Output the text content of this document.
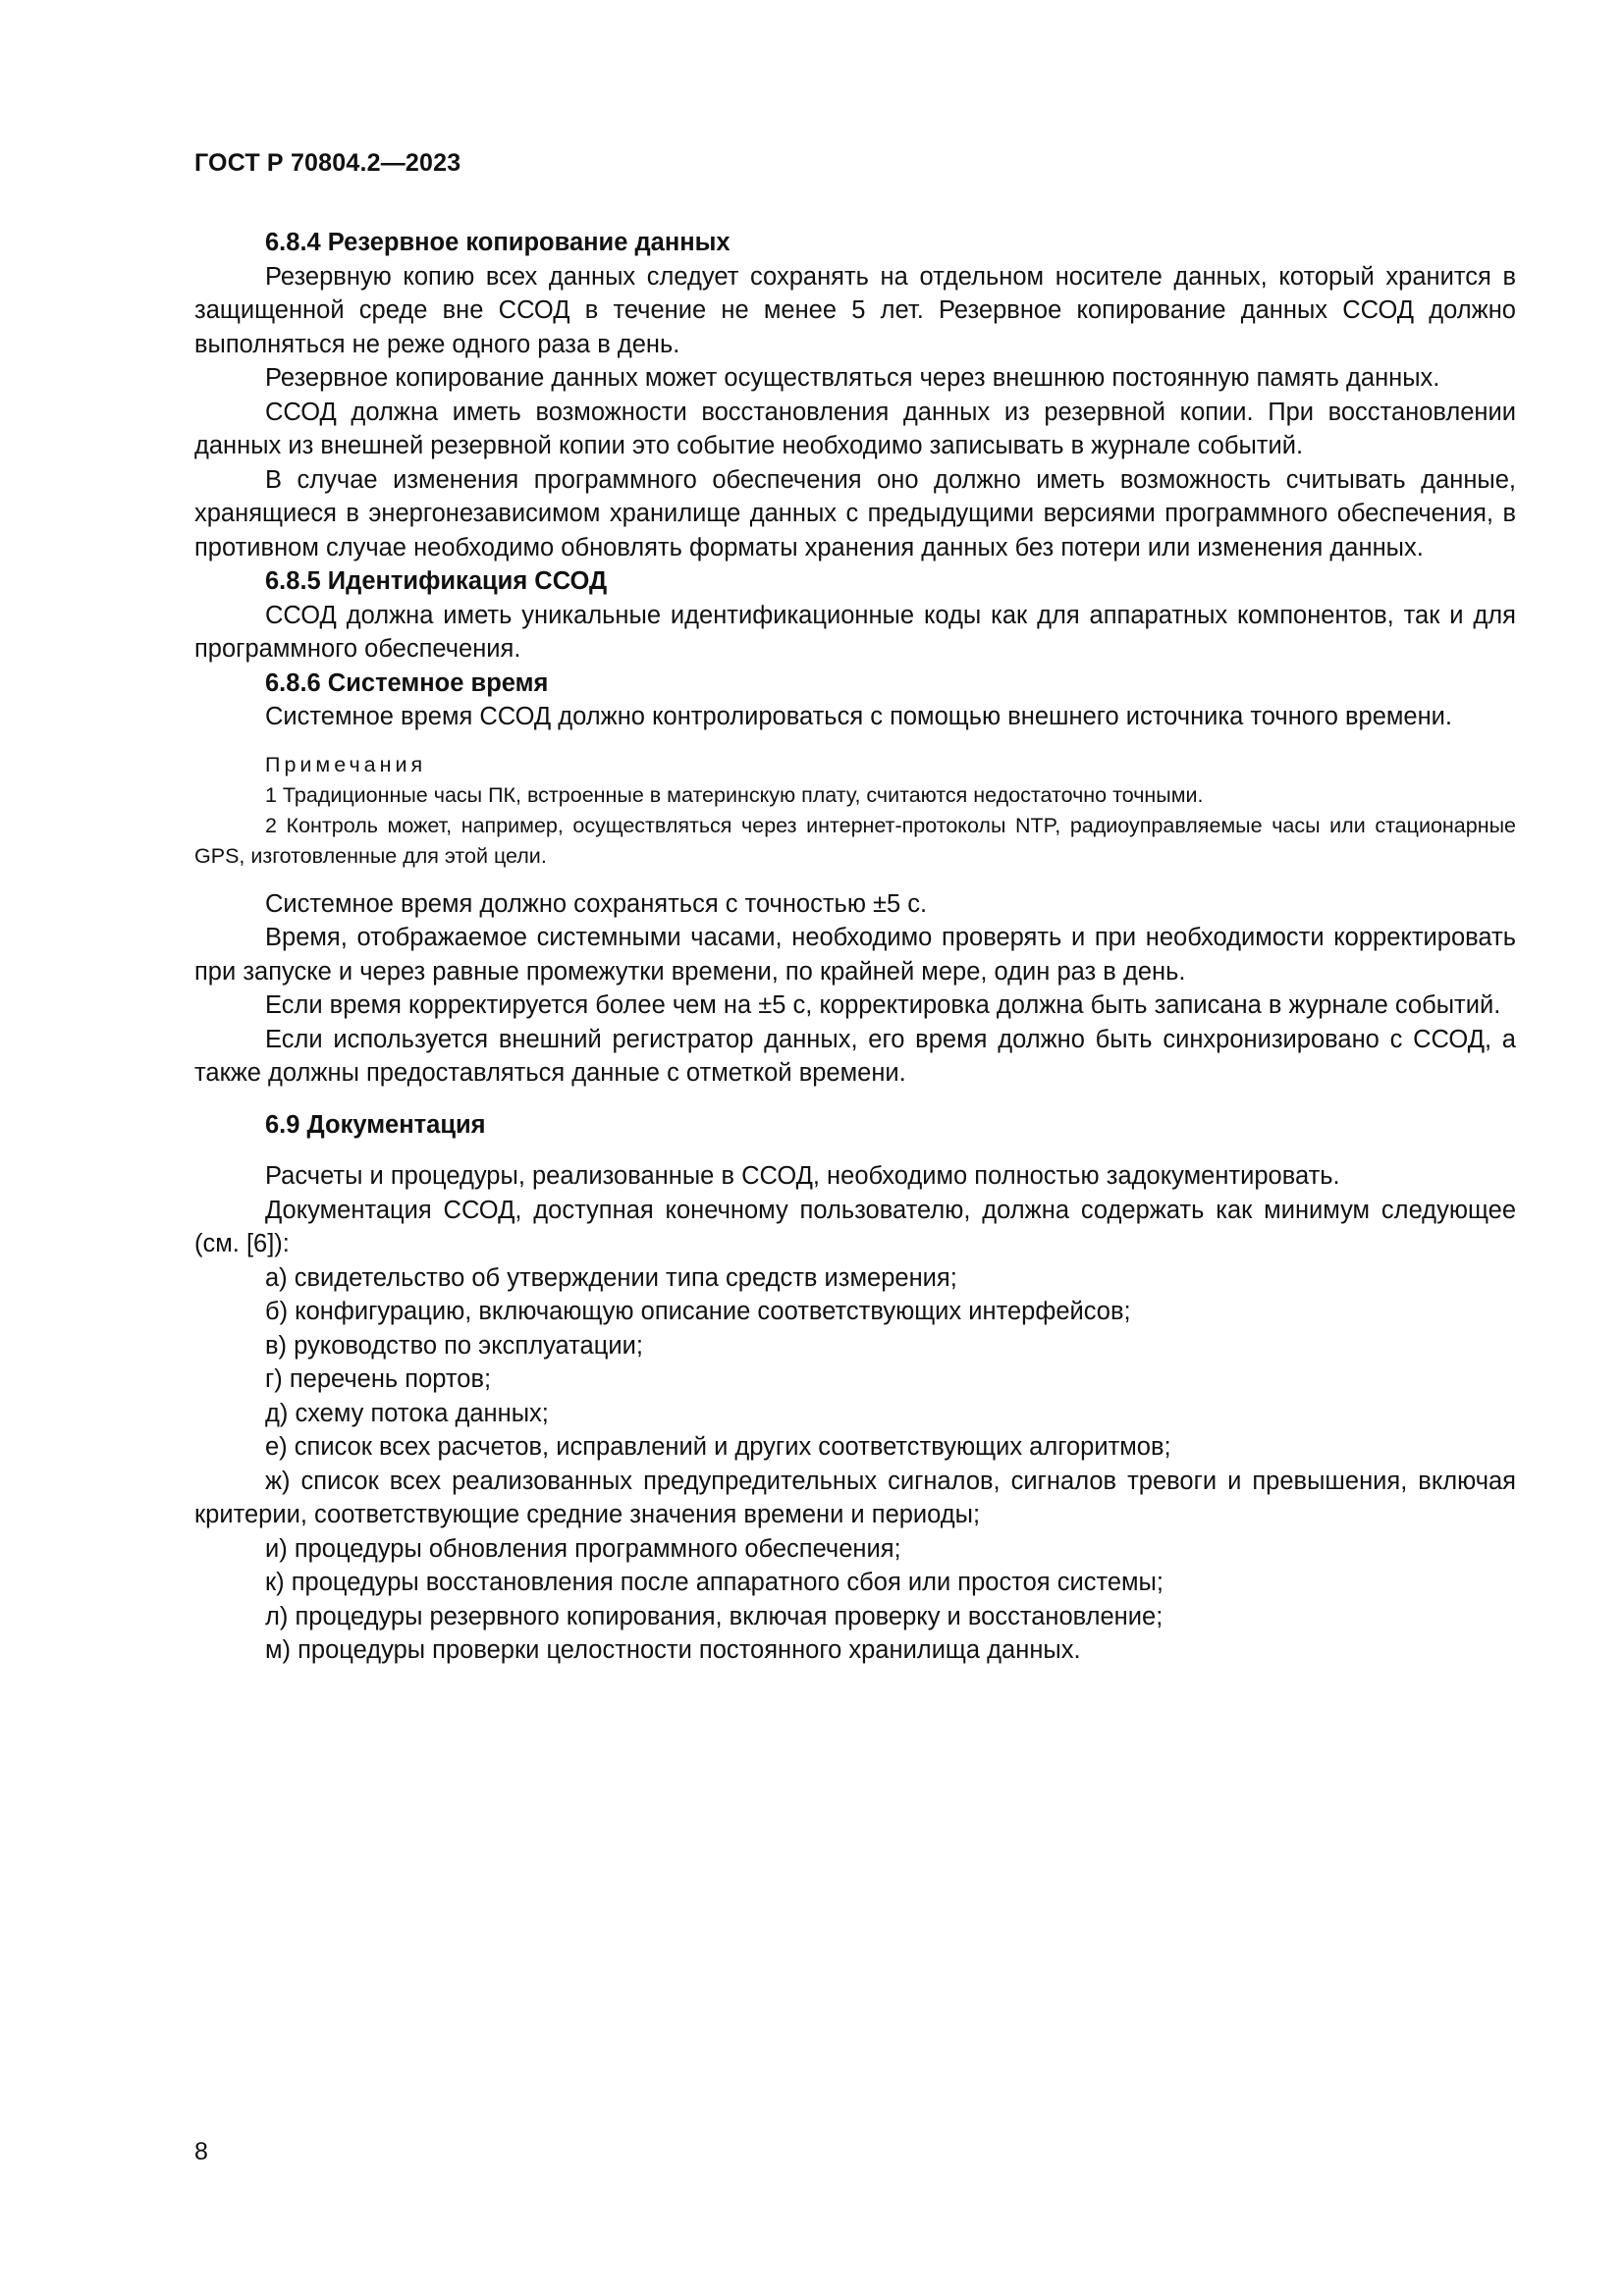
ГОСТ Р 70804.2—2023

6.8.4 Резервное копирование данных

Резервную копию всех данных следует сохранять на отдельном носителе данных, который хранится в защищенной среде вне ССОД в течение не менее 5 лет. Резервное копирование данных ССОД должно выполняться не реже одного раза в день.

Резервное копирование данных может осуществляться через внешнюю постоянную память данных.

ССОД должна иметь возможности восстановления данных из резервной копии. При восстановлении данных из внешней резервной копии это событие необходимо записывать в журнале событий.

В случае изменения программного обеспечения оно должно иметь возможность считывать данные, хранящиеся в энергонезависимом хранилище данных с предыдущими версиями программного обеспечения, в противном случае необходимо обновлять форматы хранения данных без потери или изменения данных.

6.8.5 Идентификация ССОД

ССОД должна иметь уникальные идентификационные коды как для аппаратных компонентов, так и для программного обеспечения.

6.8.6 Системное время

Системное время ССОД должно контролироваться с помощью внешнего источника точного времени.

Примечания

1 Традиционные часы ПК, встроенные в материнскую плату, считаются недостаточно точными.

2 Контроль может, например, осуществляться через интернет-протоколы NTP, радиоуправляемые часы или стационарные GPS, изготовленные для этой цели.

Системное время должно сохраняться с точностью ±5 с.

Время, отображаемое системными часами, необходимо проверять и при необходимости корректировать при запуске и через равные промежутки времени, по крайней мере, один раз в день.

Если время корректируется более чем на ±5 с, корректировка должна быть записана в журнале событий.

Если используется внешний регистратор данных, его время должно быть синхронизировано с ССОД, а также должны предоставляться данные с отметкой времени.

6.9 Документация

Расчеты и процедуры, реализованные в ССОД, необходимо полностью задокументировать.

Документация ССОД, доступная конечному пользователю, должна содержать как минимум следующее (см. [6]):

а) свидетельство об утверждении типа средств измерения;

б) конфигурацию, включающую описание соответствующих интерфейсов;

в) руководство по эксплуатации;

г) перечень портов;

д) схему потока данных;

е) список всех расчетов, исправлений и других соответствующих алгоритмов;

ж) список всех реализованных предупредительных сигналов, сигналов тревоги и превышения, включая критерии, соответствующие средние значения времени и периоды;

и) процедуры обновления программного обеспечения;

к) процедуры восстановления после аппаратного сбоя или простоя системы;

л) процедуры резервного копирования, включая проверку и восстановление;

м) процедуры проверки целостности постоянного хранилища данных.

8
